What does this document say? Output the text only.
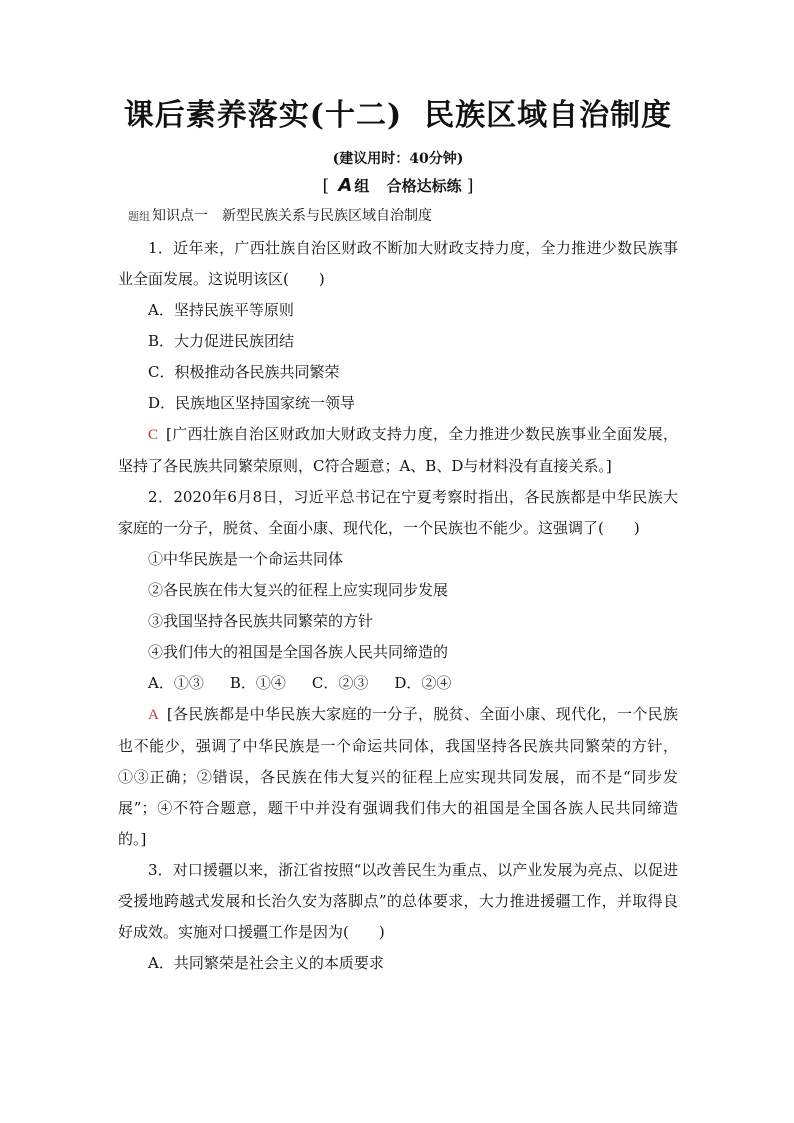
课后素养落实(十二) 民族区域自治制度
(建议用时：40分钟)
[ A 组 合格达标练 ]
题组 知识点一 新型民族关系与民族区域自治制度

1．近年来，广西壮族自治区财政不断加大财政支持力度，全力推进少数民族事业全面发展。这说明该区(　　)

A．坚持民族平等原则

B．大力促进民族团结

C．积极推动各民族共同繁荣

D．民族地区坚持国家统一领导

C [广西壮族自治区财政加大财政支持力度，全力推进少数民族事业全面发展，坚持了各民族共同繁荣原则，C符合题意；A、B、D与材料没有直接关系。]

2．2020年6月8日，习近平总书记在宁夏考察时指出，各民族都是中华民族大家庭的一分子，脱贫、全面小康、现代化，一个民族也不能少。这强调了(　　)

①中华民族是一个命运共同体

②各民族在伟大复兴的征程上应实现同步发展

③我国坚持各民族共同繁荣的方针

④我们伟大的祖国是全国各族人民共同缔造的

A．①③ B．①④ C．②③ D．②④

A [各民族都是中华民族大家庭的一分子，脱贫、全面小康、现代化，一个民族也不能少，强调了中华民族是一个命运共同体，我国坚持各民族共同繁荣的方针，①③正确；②错误，各民族在伟大复兴的征程上应实现共同发展，而不是“同步发展”；④不符合题意，题干中并没有强调我们伟大的祖国是全国各族人民共同缔造的。]

3．对口援疆以来，浙江省按照“以改善民生为重点、以产业发展为亮点、以促进受援地跨越式发展和长治久安为落脚点”的总体要求，大力推进援疆工作，并取得良好成效。实施对口援疆工作是因为(　　)

A．共同繁荣是社会主义的本质要求
